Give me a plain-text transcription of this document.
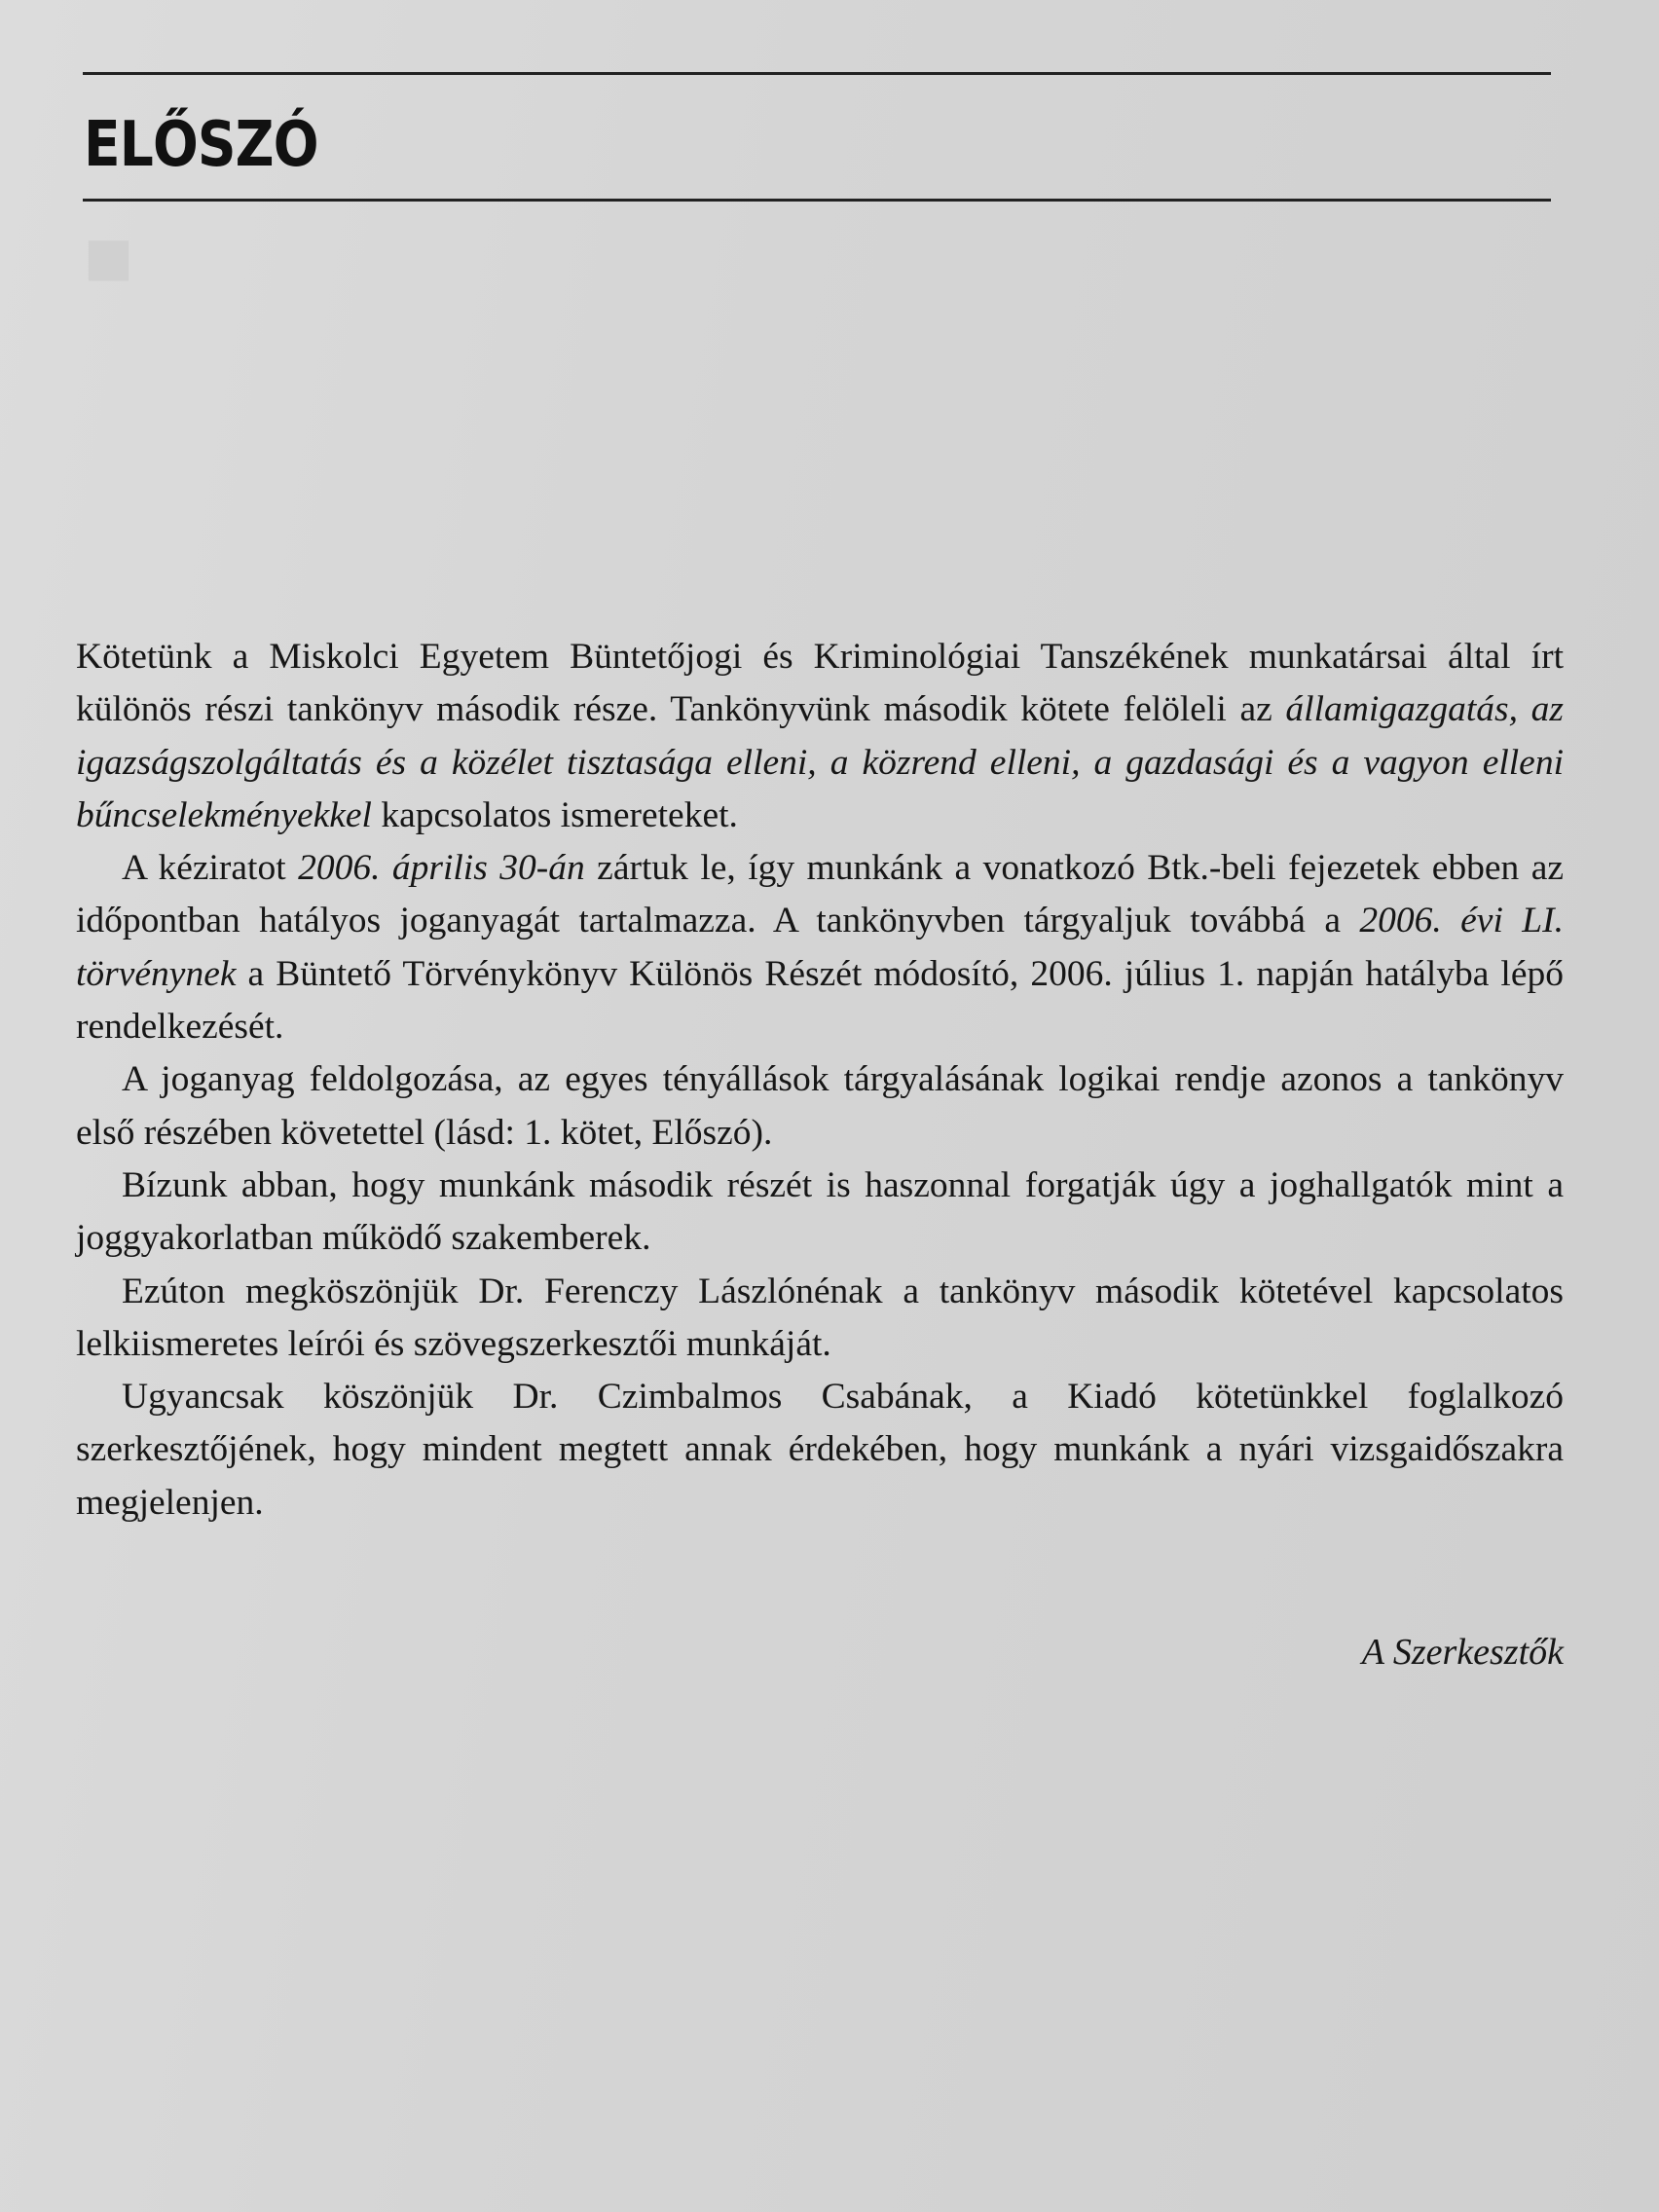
■
ELŐSZÓ

Kötetünk a Miskolci Egyetem Büntetőjogi és Kriminológiai Tanszékének munkatársai által írt különös részi tankönyv második része. Tankönyvünk második kötete felöleli az államigazgatás, az igazságszolgáltatás és a közélet tisztasága elleni, a közrend elleni, a gazdasági és a vagyon elleni bűncselekményekkel kapcsolatos ismereteket.

A kéziratot 2006. április 30-án zártuk le, így munkánk a vonatkozó Btk.-beli fejezetek ebben az időpontban hatályos joganyagát tartalmazza. A tankönyvben tárgyaljuk továbbá a 2006. évi LI. törvénynek a Büntető Törvénykönyv Különös Részét módosító, 2006. július 1. napján hatályba lépő rendelkezését.

A joganyag feldolgozása, az egyes tényállások tárgyalásának logikai rendje azonos a tankönyv első részében követettel (lásd: 1. kötet, Előszó).

Bízunk abban, hogy munkánk második részét is haszonnal forgatják úgy a joghallgatók mint a joggyakorlatban működő szakemberek.

Ezúton megköszönjük Dr. Ferenczy Lászlónénak a tankönyv második kötetével kapcsolatos lelkiismeretes leírói és szövegszerkesztői munkáját.

Ugyancsak köszönjük Dr. Czimbalmos Csabának, a Kiadó kötetünkkel foglalkozó szerkesztőjének, hogy mindent megtett annak érdekében, hogy munkánk a nyári vizsgaidőszakra megjelenjen.

A Szerkesztők
